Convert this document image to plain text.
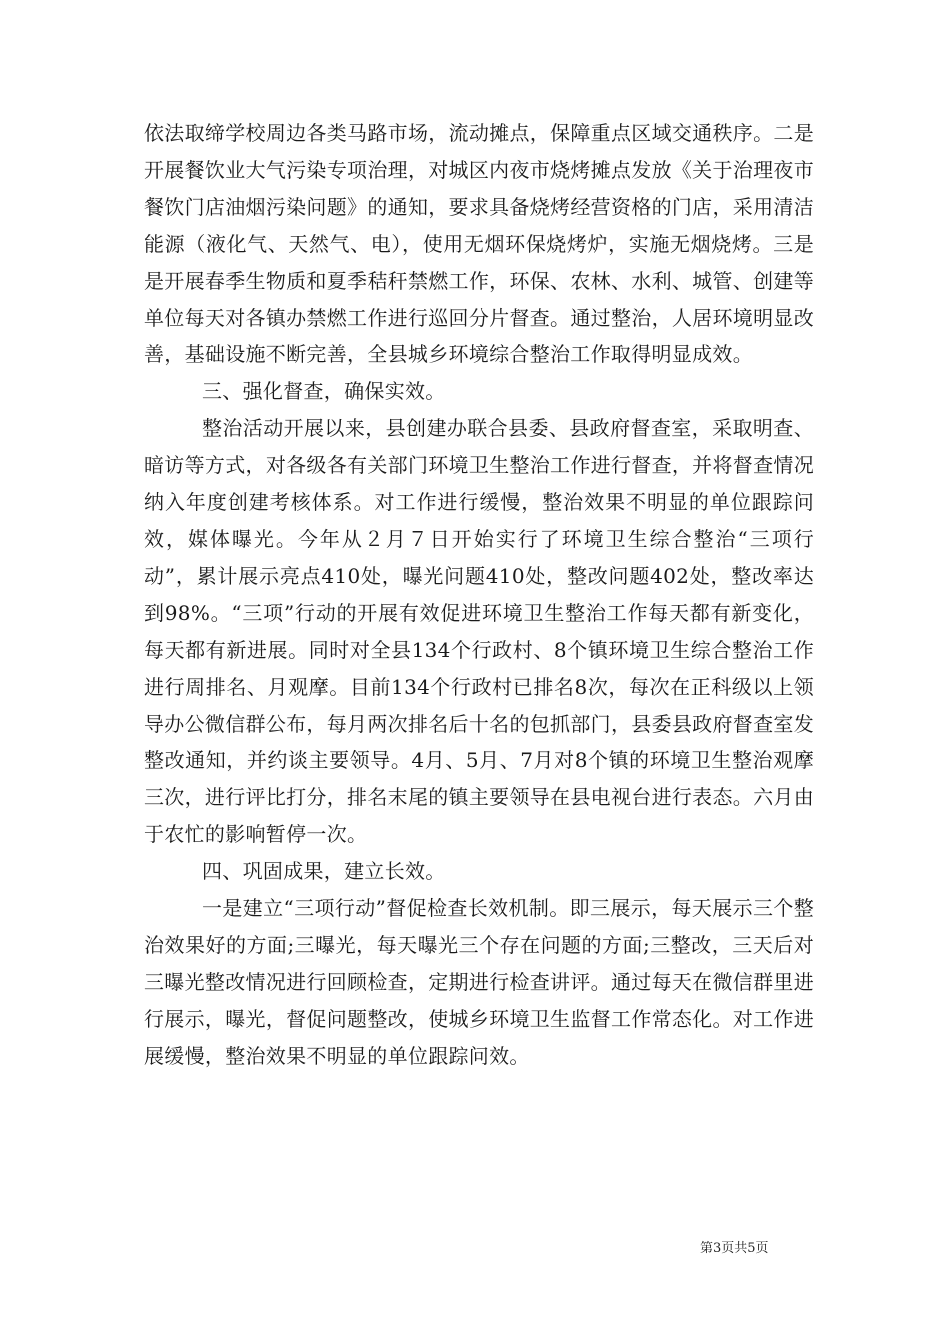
依法取缔学校周边各类马路市场，流动摊点，保障重点区域交通秩序。二是开展餐饮业大气污染专项治理，对城区内夜市烧烤摊点发放《关于治理夜市餐饮门店油烟污染问题》的通知，要求具备烧烤经营资格的门店，采用清洁能源（液化气、天然气、电），使用无烟环保烧烤炉，实施无烟烧烤。三是是开展春季生物质和夏季秸秆禁燃工作，环保、农林、水利、城管、创建等单位每天对各镇办禁燃工作进行巡回分片督查。通过整治，人居环境明显改善，基础设施不断完善，全县城乡环境综合整治工作取得明显成效。

三、强化督查，确保实效。

整治活动开展以来，县创建办联合县委、县政府督查室，采取明查、暗访等方式，对各级各有关部门环境卫生整治工作进行督查，并将督查情况纳入年度创建考核体系。对工作进行缓慢，整治效果不明显的单位跟踪问效，媒体曝光。今年从２月７日开始实行了环境卫生综合整治“三项行动”，累计展示亮点410处，曝光问题410处，整改问题402处，整改率达到98%。“三项”行动的开展有效促进环境卫生整治工作每天都有新变化，每天都有新进展。同时对全县134个行政村、8个镇环境卫生综合整治工作进行周排名、月观摩。目前134个行政村已排名8次，每次在正科级以上领导办公微信群公布，每月两次排名后十名的包抓部门，县委县政府督查室发整改通知，并约谈主要领导。4月、5月、7月对8个镇的环境卫生整治观摩三次，进行评比打分，排名末尾的镇主要领导在县电视台进行表态。六月由于农忙的影响暂停一次。

四、巩固成果，建立长效。

一是建立“三项行动”督促检查长效机制。即三展示，每天展示三个整治效果好的方面;三曝光，每天曝光三个存在问题的方面;三整改，三天后对三曝光整改情况进行回顾检查，定期进行检查讲评。通过每天在微信群里进行展示，曝光，督促问题整改，使城乡环境卫生监督工作常态化。对工作进展缓慢，整治效果不明显的单位跟踪问效。

第3页共5页
